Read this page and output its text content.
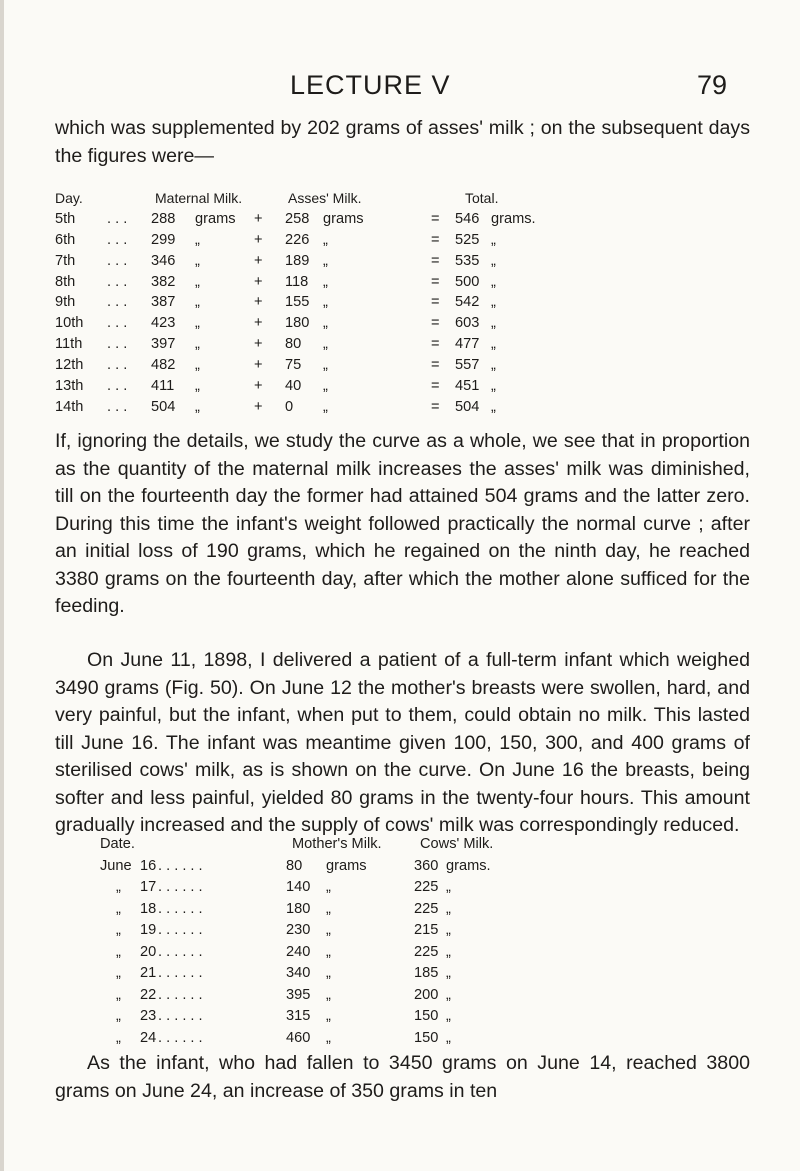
LECTURE V	79

which was supplemented by 202 grams of asses' milk ; on the subsequent days the figures were—

Day.	Maternal Milk.	Asses' Milk.	Total.
5th . . . 288 grams + 258 grams	= 546 grams.
6th . . . 299 „	+ 226 „	= 525 „
7th . . . 346 „	+ 189 „	= 535 „
8th . . . 382 „	+ 118 „	= 500 „
9th . . . 387 „	+ 155 „	= 542 „
10th . . . 423 „	+ 180 „	= 603 „
11th . . . 397 „	+ 80 „	= 477 „
12th . . . 482 „	+ 75 „	= 557 „
13th . . . 411 „	+ 40 „	= 451 „
14th . . . 504 „	+ 0 „	= 504 „

If, ignoring the details, we study the curve as a whole, we see that in proportion as the quantity of the maternal milk increases the asses' milk was diminished, till on the fourteenth day the former had attained 504 grams and the latter zero. During this time the infant's weight followed practically the normal curve ; after an initial loss of 190 grams, which he regained on the ninth day, he reached 3380 grams on the fourteenth day, after which the mother alone sufficed for the feeding.

On June 11, 1898, I delivered a patient of a full-term infant which weighed 3490 grams (Fig. 50). On June 12 the mother's breasts were swollen, hard, and very painful, but the infant, when put to them, could obtain no milk. This lasted till June 16. The infant was meantime given 100, 150, 300, and 400 grams of sterilised cows' milk, as is shown on the curve. On June 16 the breasts, being softer and less painful, yielded 80 grams in the twenty-four hours. This amount gradually increased and the supply of cows' milk was correspondingly reduced.

Date.	Mother's Milk.	Cows' Milk.
June 16 . . . . . .	80 grams	360 grams.
„ 17 . . . . . .	140 „	225 „
„ 18 . . . . . .	180 „	225 „
„ 19 . . . . . .	230 „	215 „
„ 20 . . . . . .	240 „	225 „
„ 21 . . . . . .	340 „	185 „
„ 22 . . . . . .	395 „	200 „
„ 23 . . . . . .	315 „	150 „
„ 24 . . . . . .	460 „	150 „

As the infant, who had fallen to 3450 grams on June 14, reached 3800 grams on June 24, an increase of 350 grams in ten
